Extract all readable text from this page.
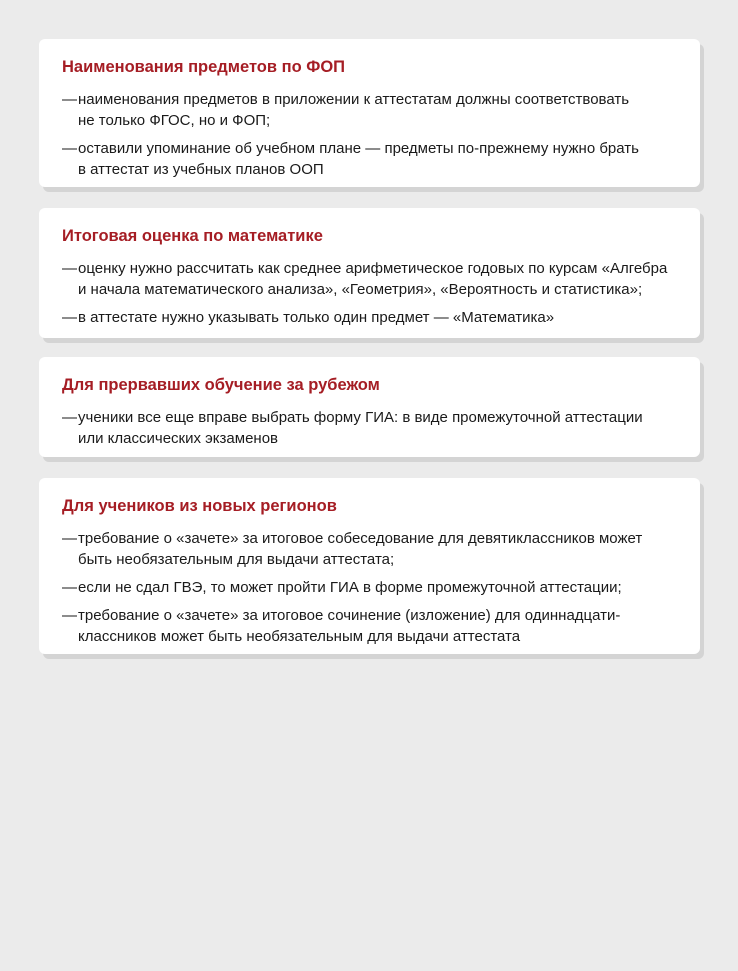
Наименования предметов по ФОП
— наименования предметов в приложении к аттестатам должны соответствовать
не только ФГОС, но и ФОП;
— оставили упоминание об учебном плане — предметы по-прежнему нужно брать
в аттестат из учебных планов ООП
Итоговая оценка по математике
— оценку нужно рассчитать как среднее арифметическое годовых по курсам «Алгебра
и начала математического анализа», «Геометрия», «Вероятность и статистика»;
— в аттестате нужно указывать только один предмет — «Математика»
Для прервавших обучение за рубежом
— ученики все еще вправе выбрать форму ГИА: в виде промежуточной аттестации
или классических экзаменов
Для учеников из новых регионов
— требование о «зачете» за итоговое собеседование для девятиклассников может
быть необязательным для выдачи аттестата;
— если не сдал ГВЭ, то может пройти ГИА в форме промежуточной аттестации;
— требование о «зачете» за итоговое сочинение (изложение) для одиннадцати-
классников может быть необязательным для выдачи аттестата
